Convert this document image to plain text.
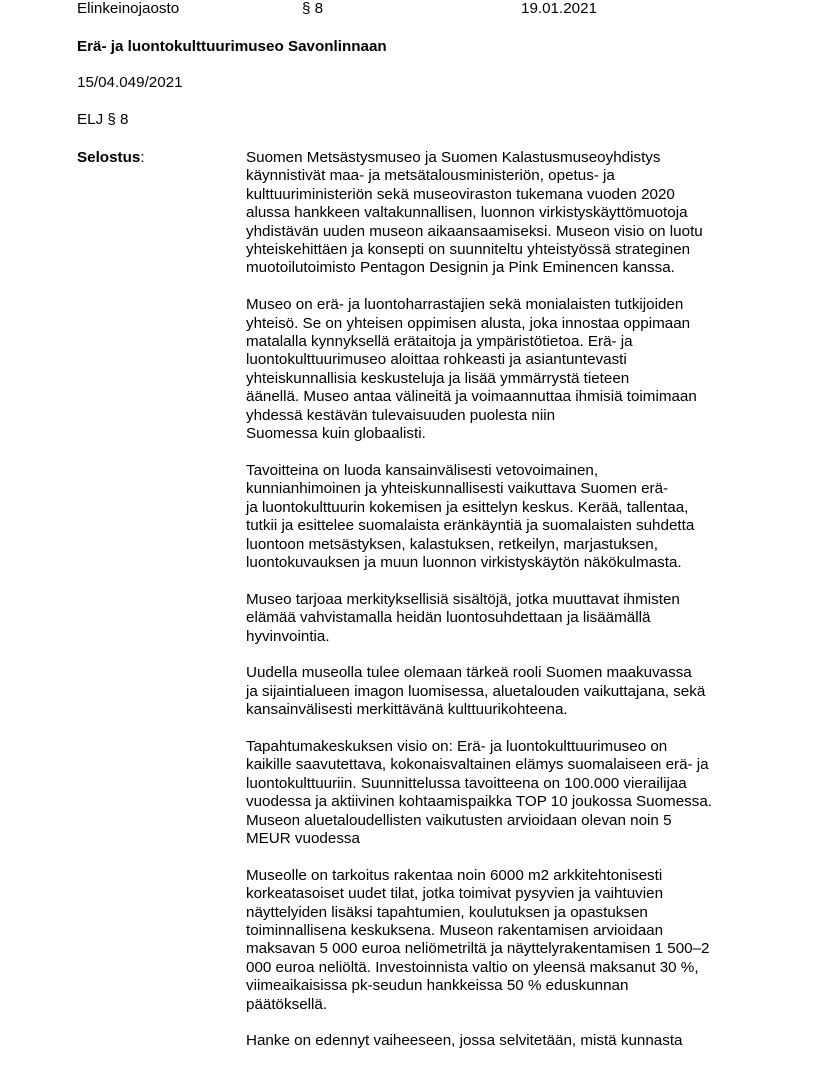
Elinkeinojaosto	§ 8	19.01.2021
Erä- ja luontokulttuurimuseo Savonlinnaan
15/04.049/2021
ELJ § 8
Selostus:	Suomen Metsästysmuseo ja Suomen Kalastusmuseoyhdistys
käynnistivät maa- ja metsätalousministeriön, opetus- ja
kulttuuriministeriön sekä museoviraston tukemana vuoden 2020
alussa hankkeen valtakunnallisen, luonnon virkistyskäyttömuotoja
yhdistävän uuden museon aikaansaamiseksi. Museon visio on luotu
yhteiskehittäen ja konsepti on suunniteltu yhteistyössä strateginen
muotoilutoimisto Pentagon Designin ja Pink Eminencen kanssa.
Museo on erä- ja luontoharrastajien sekä monialaisten tutkijoiden
yhteisö. Se on yhteisen oppimisen alusta, joka innostaa oppimaan
matalalla kynnyksellä erätaitoja ja ympäristötietoa. Erä- ja
luontokulttuurimuseo aloittaa rohkeasti ja asiantuntevasti
yhteiskunnallisia keskusteluja ja lisää ymmärrystä tieteen
äänellä. Museo antaa välineitä ja voimaannuttaa ihmisiä toimimaan
yhdessä kestävän tulevaisuuden puolesta niin
Suomessa kuin globaalisti.
Tavoitteina on luoda kansainvälisesti vetovoimainen,
kunnianhimoinen ja yhteiskunnallisesti vaikuttava Suomen erä-
ja luontokulttuurin kokemisen ja esittelyn keskus. Kerää, tallentaa,
tutkii ja esittelee suomalaista eränkäyntiä ja suomalaisten suhdetta
luontoon metsästyksen, kalastuksen, retkeilyn, marjastuksen,
luontokuvauksen ja muun luonnon virkistyskäytön näkökulmasta.
Museo tarjoaa merkityksellisiä sisältöjä, jotka muuttavat ihmisten
elämää vahvistamalla heidän luontosuhdettaan ja lisäämällä
hyvinvointia.
Uudella museolla tulee olemaan tärkeä rooli Suomen maakuvassa
ja sijaintialueen imagon luomisessa, aluetalouden vaikuttajana, sekä
kansainvälisesti merkittävänä kulttuurikohteena.
Tapahtumakeskuksen visio on: Erä- ja luontokulttuurimuseo on
kaikille saavutettava, kokonaisvaltainen elämys suomalaiseen erä- ja
luontokulttuuriin. Suunnittelussa tavoitteena on 100.000 vierailijaa
vuodessa ja aktiivinen kohtaamispaikka TOP 10 joukossa Suomessa.
Museon aluetaloudellisten vaikutusten arvioidaan olevan noin 5
MEUR vuodessa
Museolle on tarkoitus rakentaa noin 6000 m2 arkkitehtonisesti
korkeatasoiset uudet tilat, jotka toimivat pysyvien ja vaihtuvien
näyttelyiden lisäksi tapahtumien, koulutuksen ja opastuksen
toiminnallisena keskuksena. Museon rakentamisen arvioidaan
maksavan 5 000 euroa neliömetriltä ja näyttelyrakentamisen 1 500–2
000 euroa neliöltä. Investoinnista valtio on yleensä maksanut 30 %,
viimeaikaisissa pk-seudun hankkeissa 50 % eduskunnan
päätöksellä.
Hanke on edennyt vaiheeseen, jossa selvitetään, mistä kunnasta
